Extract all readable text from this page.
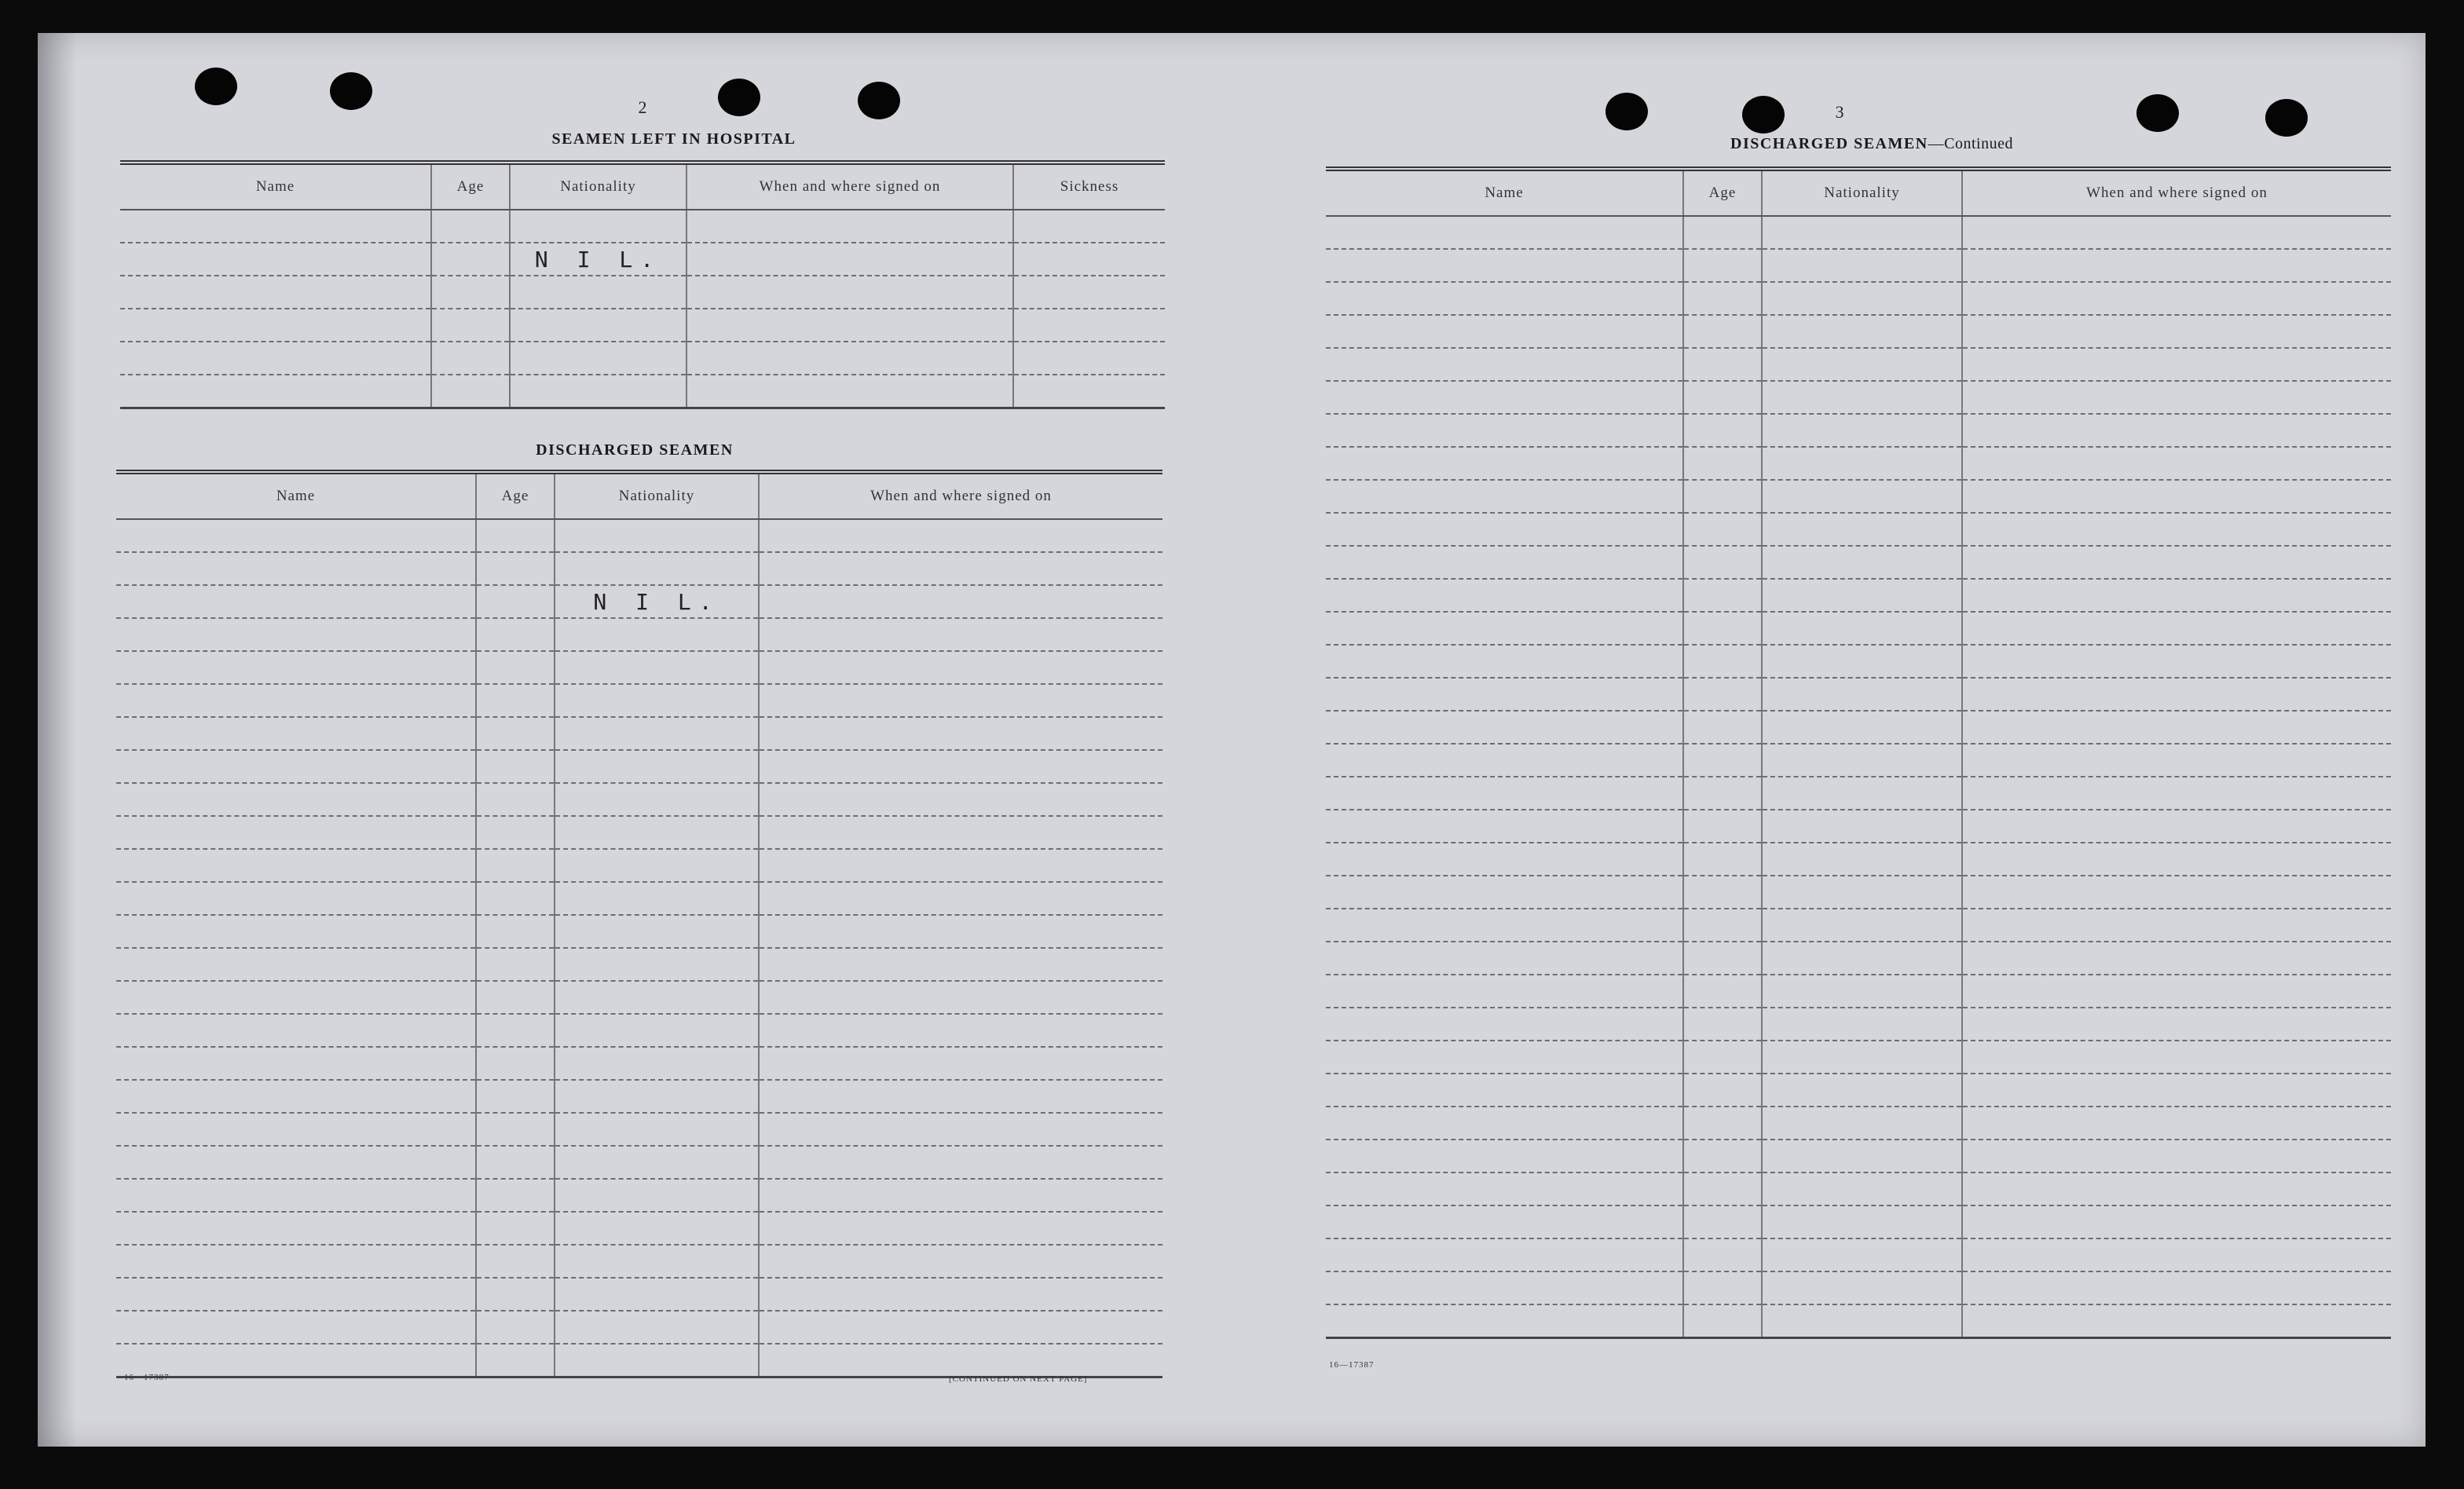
2
SEAMEN LEFT IN HOSPITAL
Name	Age	Nationality	When and where signed on	Sickness

		N I L.		

DISCHARGED SEAMEN
Name	Age	Nationality	When and where signed on

		N I L.	

16—17387	[CONTINUED ON NEXT PAGE]
3
DISCHARGED SEAMEN—Continued
Name	Age	Nationality	When and where signed on

16—17387
